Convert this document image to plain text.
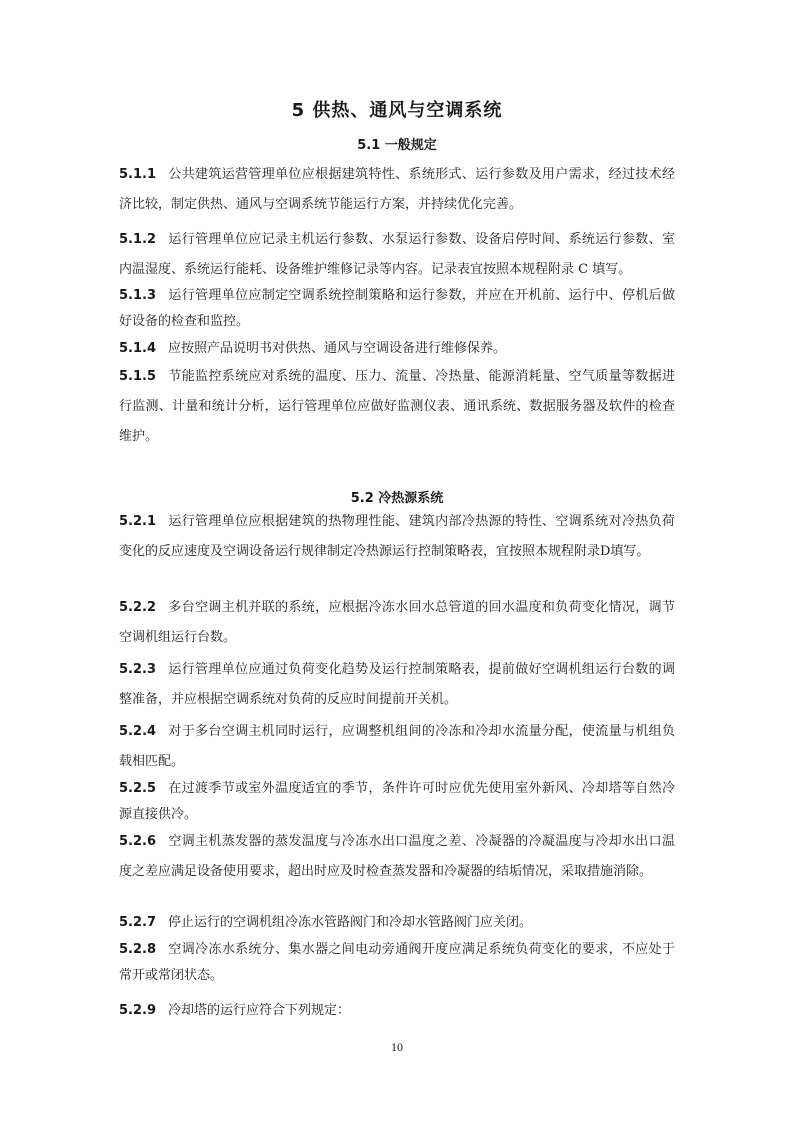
5 供热、通风与空调系统
5.1 一般规定
5.1.1 公共建筑运营管理单位应根据建筑特性、系统形式、运行参数及用户需求，经过技术经济比较，制定供热、通风与空调系统节能运行方案，并持续优化完善。
5.1.2 运行管理单位应记录主机运行参数、水泵运行参数、设备启停时间、系统运行参数、室内温湿度、系统运行能耗、设备维护维修记录等内容。记录表宜按照本规程附录 C 填写。
5.1.3 运行管理单位应制定空调系统控制策略和运行参数，并应在开机前、运行中、停机后做好设备的检查和监控。
5.1.4 应按照产品说明书对供热、通风与空调设备进行维修保养。
5.1.5 节能监控系统应对系统的温度、压力、流量、冷热量、能源消耗量、空气质量等数据进行监测、计量和统计分析，运行管理单位应做好监测仪表、通讯系统、数据服务器及软件的检查维护。
5.2 冷热源系统
5.2.1 运行管理单位应根据建筑的热物理性能、建筑内部冷热源的特性、空调系统对冷热负荷变化的反应速度及空调设备运行规律制定冷热源运行控制策略表，宜按照本规程附录D填写。
5.2.2 多台空调主机并联的系统，应根据冷冻水回水总管道的回水温度和负荷变化情况，调节空调机组运行台数。
5.2.3 运行管理单位应通过负荷变化趋势及运行控制策略表，提前做好空调机组运行台数的调整准备，并应根据空调系统对负荷的反应时间提前开关机。
5.2.4 对于多台空调主机同时运行，应调整机组间的冷冻和冷却水流量分配，使流量与机组负载相匹配。
5.2.5 在过渡季节或室外温度适宜的季节，条件许可时应优先使用室外新风、冷却塔等自然冷源直接供冷。
5.2.6 空调主机蒸发器的蒸发温度与冷冻水出口温度之差、冷凝器的冷凝温度与冷却水出口温度之差应满足设备使用要求，超出时应及时检查蒸发器和冷凝器的结垢情况，采取措施消除。
5.2.7 停止运行的空调机组冷冻水管路阀门和冷却水管路阀门应关闭。
5.2.8 空调冷冻水系统分、集水器之间电动旁通阀开度应满足系统负荷变化的要求，不应处于常开或常闭状态。
5.2.9 冷却塔的运行应符合下列规定：
10
